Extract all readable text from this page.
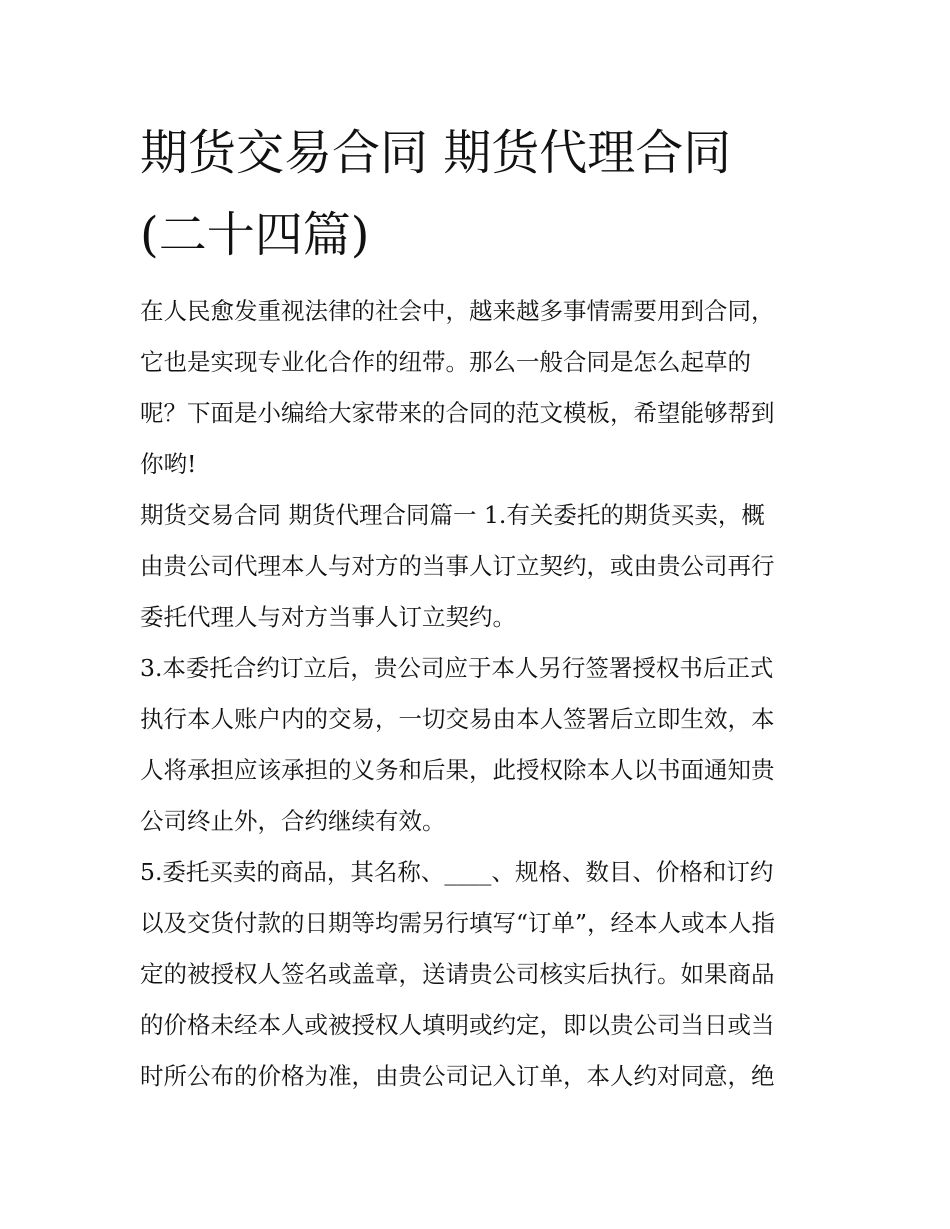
期货交易合同 期货代理合同
(二十四篇)

在人民愈发重视法律的社会中，越来越多事情需要用到合同，
它也是实现专业化合作的纽带。那么一般合同是怎么起草的
呢？下面是小编给大家带来的合同的范文模板，希望能够帮到
你哟!

期货交易合同 期货代理合同篇一 1.有关委托的期货买卖，概
由贵公司代理本人与对方的当事人订立契约，或由贵公司再行
委托代理人与对方当事人订立契约。

3.本委托合约订立后，贵公司应于本人另行签署授权书后正式
执行本人账户内的交易，一切交易由本人签署后立即生效，本
人将承担应该承担的义务和后果，此授权除本人以书面通知贵
公司终止外，合约继续有效。

5.委托买卖的商品，其名称、____、规格、数目、价格和订约
以及交货付款的日期等均需另行填写“订单”，经本人或本人指
定的被授权人签名或盖章，送请贵公司核实后执行。如果商品
的价格未经本人或被授权人填明或约定，即以贵公司当日或当
时所公布的价格为准，由贵公司记入订单，本人约对同意，绝
